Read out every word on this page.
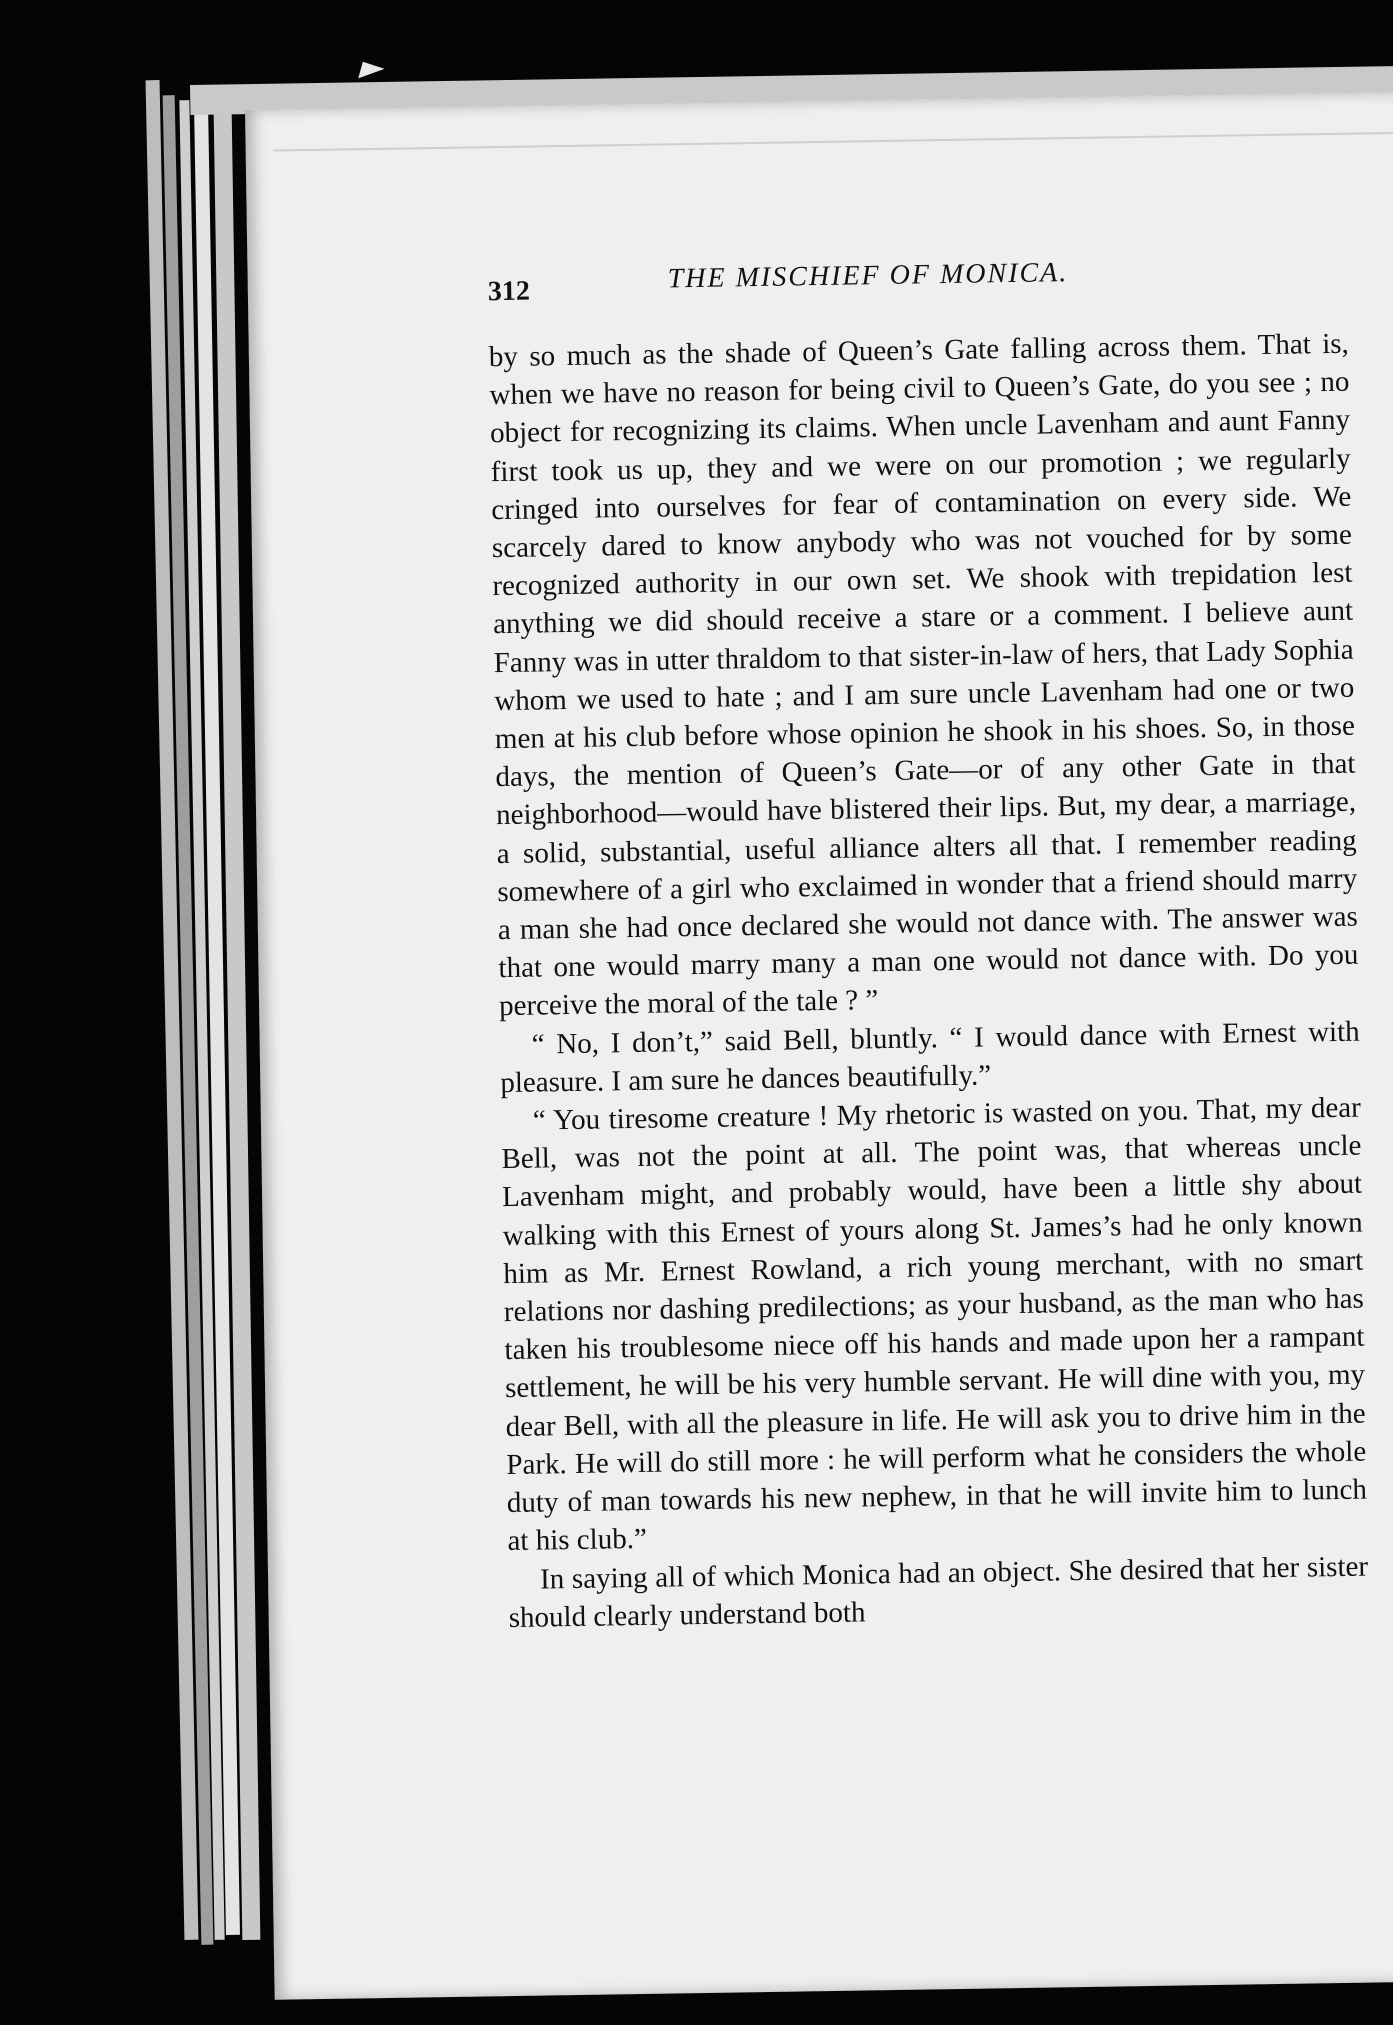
312	THE MISCHIEF OF MONICA.

by so much as the shade of Queen’s Gate falling across them. That is, when we have no reason for being civil to Queen’s Gate, do you see ; no object for recognizing its claims. When uncle Lavenham and aunt Fanny first took us up, they and we were on our promotion ; we regularly cringed into ourselves for fear of contamination on every side. We scarcely dared to know anybody who was not vouched for by some recognized authority in our own set. We shook with trepidation lest anything we did should receive a stare or a comment. I believe aunt Fanny was in utter thraldom to that sister-in-law of hers, that Lady Sophia whom we used to hate ; and I am sure uncle Lavenham had one or two men at his club before whose opinion he shook in his shoes. So, in those days, the mention of Queen’s Gate—or of any other Gate in that neighborhood—would have blistered their lips. But, my dear, a marriage, a solid, substantial, useful alliance alters all that. I remember reading somewhere of a girl who exclaimed in wonder that a friend should marry a man she had once declared she would not dance with. The answer was that one would marry many a man one would not dance with. Do you perceive the moral of the tale ? ”

“ No, I don’t,” said Bell, bluntly. “ I would dance with Ernest with pleasure. I am sure he dances beautifully.”

“ You tiresome creature ! My rhetoric is wasted on you. That, my dear Bell, was not the point at all. The point was, that whereas uncle Lavenham might, and probably would, have been a little shy about walking with this Ernest of yours along St. James’s had he only known him as Mr. Ernest Rowland, a rich young merchant, with no smart relations nor dashing predilections; as your husband, as the man who has taken his troublesome niece off his hands and made upon her a rampant settlement, he will be his very humble servant. He will dine with you, my dear Bell, with all the pleasure in life. He will ask you to drive him in the Park. He will do still more : he will perform what he considers the whole duty of man towards his new nephew, in that he will invite him to lunch at his club.”

In saying all of which Monica had an object. She desired that her sister should clearly understand both
